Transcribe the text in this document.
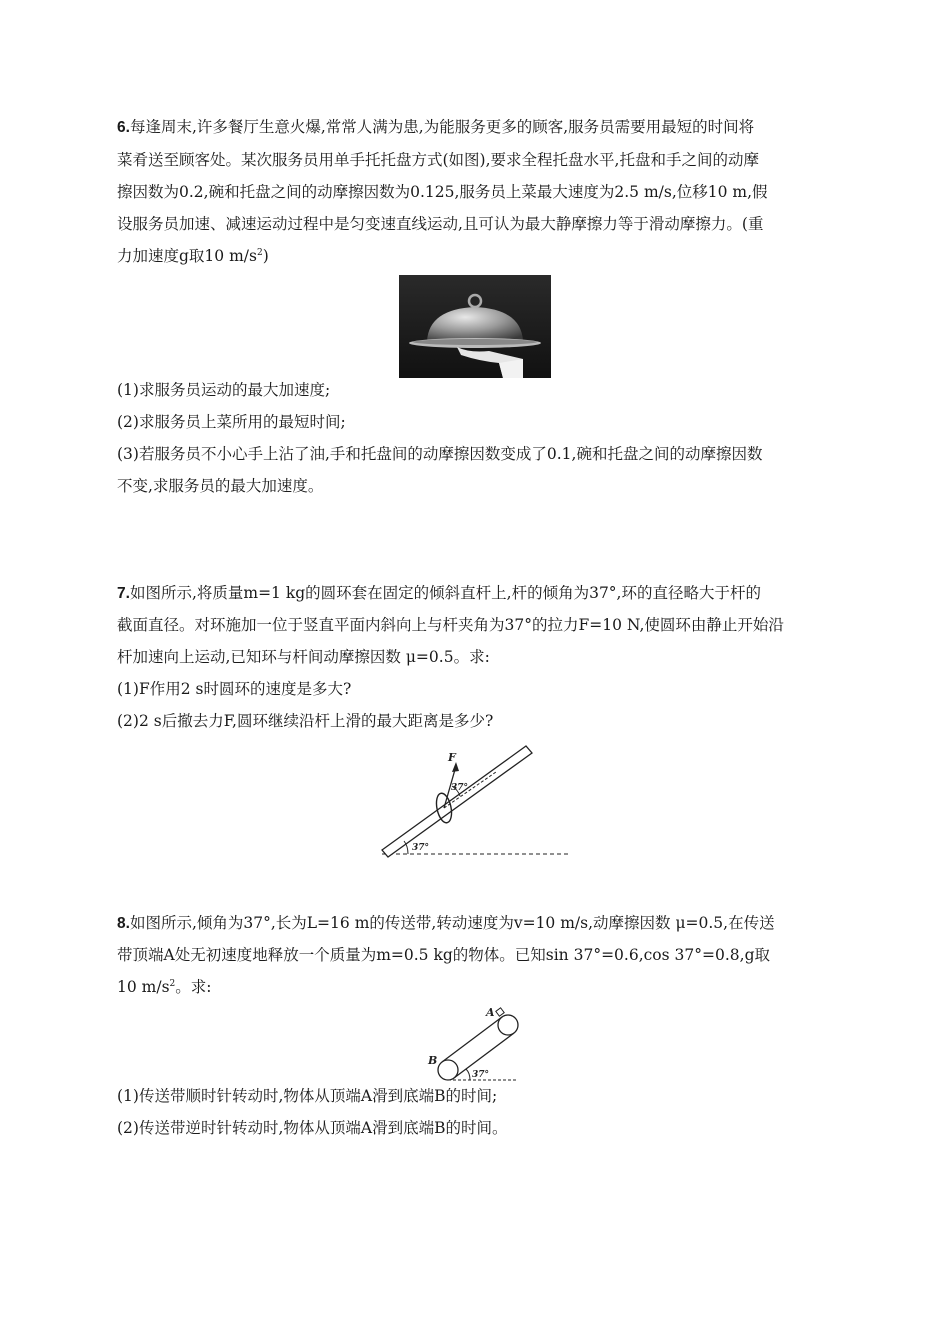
6.每逢周末,许多餐厅生意火爆,常常人满为患,为能服务更多的顾客,服务员需要用最短的时间将
菜肴送至顾客处。某次服务员用单手托托盘方式(如图),要求全程托盘水平,托盘和手之间的动摩
擦因数为0.2,碗和托盘之间的动摩擦因数为0.125,服务员上菜最大速度为2.5 m/s,位移10 m,假
设服务员加速、减速运动过程中是匀变速直线运动,且可认为最大静摩擦力等于滑动摩擦力。(重
力加速度g取10 $m/s^2$)
(1)求服务员运动的最大加速度;
(2)求服务员上菜所用的最短时间;
(3)若服务员不小心手上沾了油,手和托盘间的动摩擦因数变成了0.1,碗和托盘之间的动摩擦因数
不变,求服务员的最大加速度。
7.如图所示,将质量m=1 kg的圆环套在固定的倾斜直杆上,杆的倾角为37°,环的直径略大于杆的
截面直径。对环施加一位于竖直平面内斜向上与杆夹角为37°的拉力F=10 N,使圆环由静止开始沿
杆加速向上运动,已知环与杆间动摩擦因数 μ=0.5。求:
(1)F作用2 s时圆环的速度是多大?
(2)2 s后撤去力F,圆环继续沿杆上滑的最大距离是多少?
F
37°
37°
8.如图所示,倾角为37°,长为L=16 m的传送带,转动速度为v=10 m/s,动摩擦因数 μ=0.5,在传送
带顶端A处无初速度地释放一个质量为m=0.5 kg的物体。已知sin 37°=0.6,cos 37°=0.8,g取
10 $m/s^2$。求:
A
B
37°
(1)传送带顺时针转动时,物体从顶端A滑到底端B的时间;
(2)传送带逆时针转动时,物体从顶端A滑到底端B的时间。
